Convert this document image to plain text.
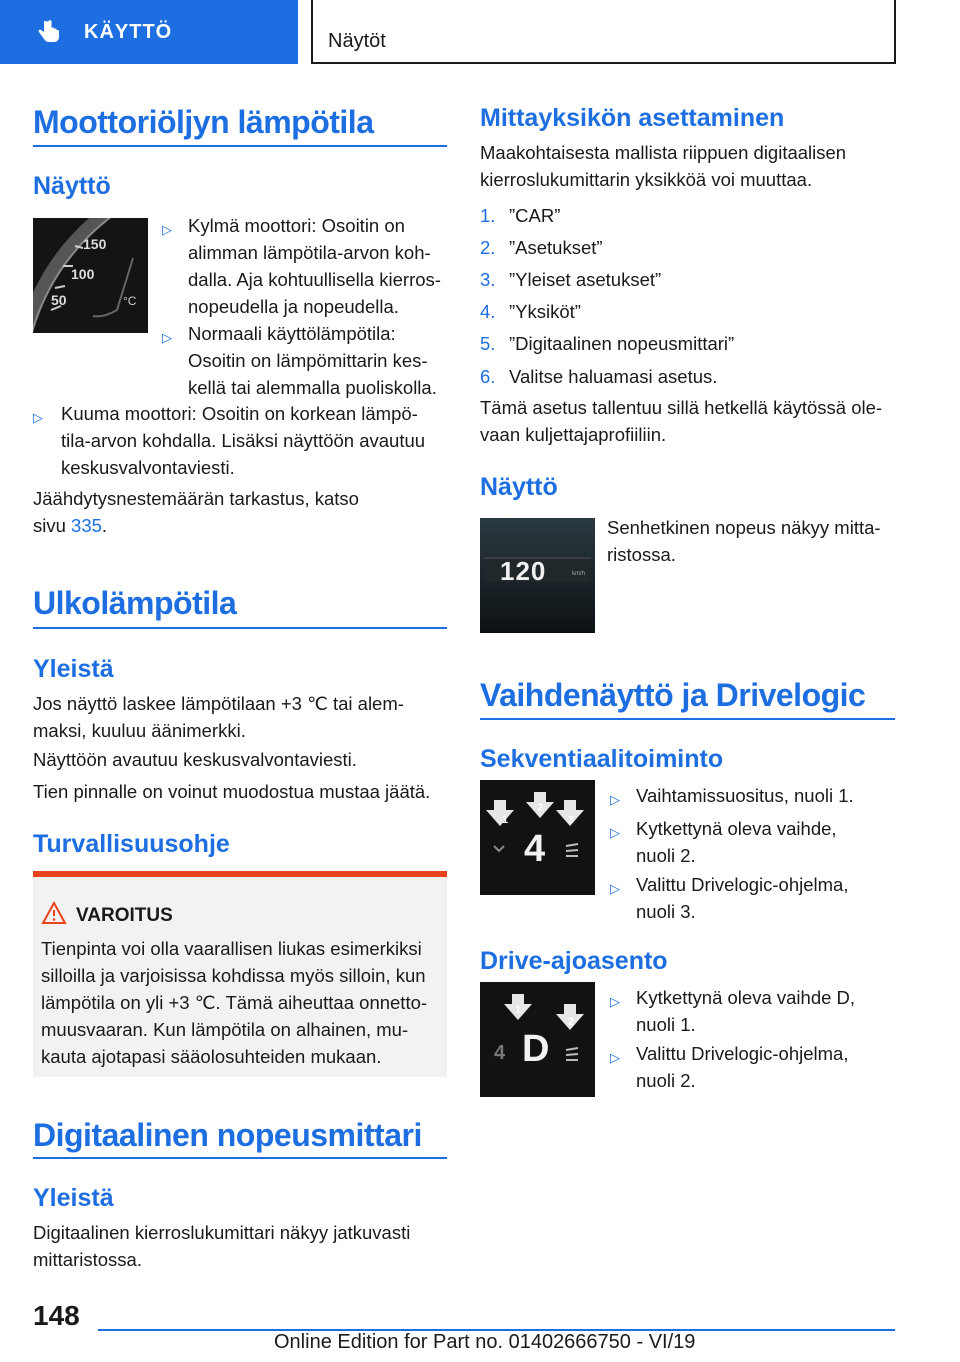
KÄYTTÖ	Näytöt
Moottoriöljyn lämpötila
Näyttö
150
100
50	°C
▷ Kylmä moottori: Osoitin on alimman lämpötila-arvon koh-dalla. Aja kohtuullisella kierros-nopeudella ja nopeudella.
▷ Normaali käyttölämpötila: Osoitin on lämpömittarin kes-kellä tai alemmalla puoliskolla.
▷ Kuuma moottori: Osoitin on korkean lämpö-tila-arvon kohdalla. Lisäksi näyttöön avautuu keskusvalvontaviesti.
Jäähdytysnestemäärän tarkastus, katso sivu 335.
Ulkolämpötila
Yleistä
Jos näyttö laskee lämpötilaan +3 ℃ tai alem-maksi, kuuluu äänimerkki.
Näyttöön avautuu keskusvalvontaviesti.
Tien pinnalle on voinut muodostua mustaa jäätä.
Turvallisuusohje
VAROITUS
Tienpinta voi olla vaarallisen liukas esimerkiksi silloilla ja varjoisissa kohdissa myös silloin, kun lämpötila on yli +3 ℃. Tämä aiheuttaa onnetto-muusvaaran. Kun lämpötila on alhainen, mu-kauta ajotapasi sääolosuhteiden mukaan.
Digitaalinen nopeusmittari
Yleistä
Digitaalinen kierroslukumittari näkyy jatkuvasti mittaristossa.
Mittayksikön asettaminen
Maakohtaisesta mallista riippuen digitaalisen kierroslukumittarin yksikköä voi muuttaa.
1. ”CAR”
2. ”Asetukset”
3. ”Yleiset asetukset”
4. ”Yksiköt”
5. ”Digitaalinen nopeusmittari”
6. Valitse haluamasi asetus.
Tämä asetus tallentuu sillä hetkellä käytössä ole-vaan kuljettajaprofiiliin.
Näyttö
120	km/h
Senhetkinen nopeus näkyy mitta-ristossa.
Vaihdenäyttö ja Drivelogic
Sekventiaalitoiminto
1
2
3
4
▷ Vaihtamissuositus, nuoli 1.
▷ Kytkettynä oleva vaihde, nuoli 2.
▷ Valittu Drivelogic-ohjelma, nuoli 3.
Drive-ajoasento
1
2
4 D
▷ Kytkettynä oleva vaihde D, nuoli 1.
▷ Valittu Drivelogic-ohjelma, nuoli 2.
148
Online Edition for Part no. 01402666750 - VI/19
